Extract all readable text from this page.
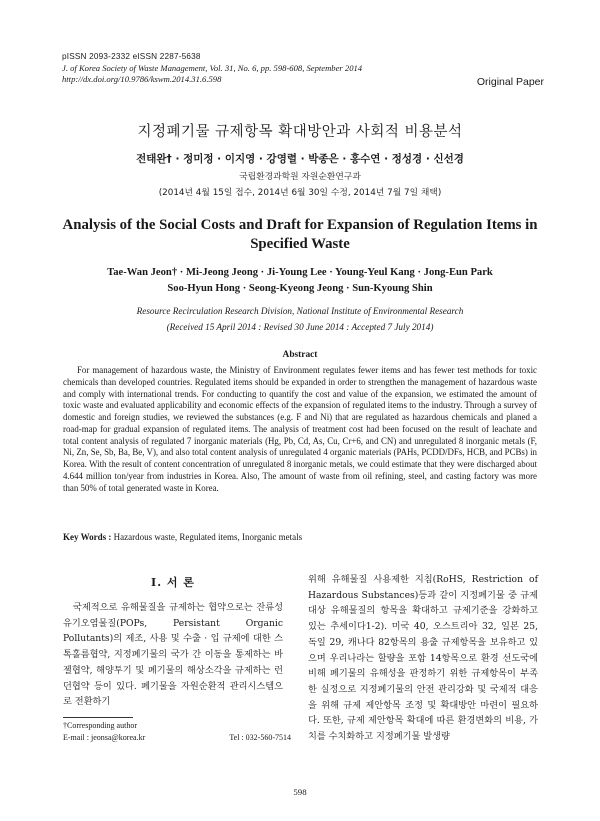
pISSN 2093-2332 eISSN 2287-5638
J. of Korea Society of Waste Management, Vol. 31, No. 6, pp. 598-608, September 2014
http://dx.doi.org/10.9786/kswm.2014.31.6.598	Original Paper
지정폐기물 규제항목 확대방안과 사회적 비용분석
전태완† · 정미정 · 이지영 · 강영렬 · 박종은 · 홍수연 · 정성경 · 신선경
국립환경과학원 자원순환연구과
(2014년 4월 15일 접수, 2014년 6월 30일 수정, 2014년 7월 7일 채택)
Analysis of the Social Costs and Draft for Expansion of Regulation Items in Specified Waste
Tae-Wan Jeon† · Mi-Jeong Jeong · Ji-Young Lee · Young-Yeul Kang · Jong-Eun Park
Soo-Hyun Hong · Seong-Kyeong Jeong · Sun-Kyoung Shin
Resource Recirculation Research Division, National Institute of Environmental Research
(Received 15 April 2014 : Revised 30 June 2014 : Accepted 7 July 2014)
Abstract
For management of hazardous waste, the Ministry of Environment regulates fewer items and has fewer test methods for toxic chemicals than developed countries. Regulated items should be expanded in order to strengthen the management of hazardous waste and comply with international trends. For conducting to quantify the cost and value of the expansion, we estimated the amount of toxic waste and evaluated applicability and economic effects of the expansion of regulated items to the industry. Through a survey of domestic and foreign studies, we reviewed the substances (e.g. F and Ni) that are regulated as hazardous chemicals and planed a road-map for gradual expansion of regulated items. The analysis of treatment cost had been focused on the result of leachate and total content analysis of regulated 7 inorganic materials (Hg, Pb, Cd, As, Cu, Cr+6, and CN) and unregulated 8 inorganic metals (F, Ni, Zn, Se, Sb, Ba, Be, V), and also total content analysis of unregulated 4 organic materials (PAHs, PCDD/DFs, HCB, and PCBs) in Korea. With the result of content concentration of unregulated 8 inorganic metals, we could estimate that they were discharged about 4.644 million ton/year from industries in Korea. Also, The amount of waste from oil refining, steel, and casting factory was more than 50% of total generated waste in Korea.
Key Words : Hazardous waste, Regulated items, Inorganic metals
I. 서 론
국제적으로 유해물질을 규제하는 협약으로는 잔류성 유기오염물질(POPs, Persistant Organic Pollutants)의 제조, 사용 및 수출 · 입 규제에 대한 스톡홀름협약, 지정폐기물의 국가 간 이동을 통제하는 바젤협약, 해양투기 및 폐기물의 해상소각을 규제하는 런던협약 등이 있다. 폐기물을 자원순환적 관리시스템으로 전환하기
위해 유해물질 사용제한 지침(RoHS, Restriction of Hazardous Substances)등과 같이 지정폐기물 중 규제대상 유해물질의 항목을 확대하고 규제기준을 강화하고 있는 추세이다1-2). 미국 40, 오스트리아 32, 일본 25, 독일 29, 캐나다 82항목의 용출 규제항목을 보유하고 있으며 우리나라는 할량을 포함 14항목으로 환경 선도국에 비해 폐기물의 유해성을 판정하기 위한 규제항목이 부족한 실정으로 지정폐기물의 안전 관리강화 및 국제적 대응을 위해 규제 제안항목 조정 및 확대방안 마련이 필요하다. 또한, 규제 제안항목 확대에 따른 환경변화의 비용, 가치를 수치화하고 지정폐기물 발생량
†Corresponding author
E-mail : jeonsa@korea.kr	Tel : 032-560-7514
598
